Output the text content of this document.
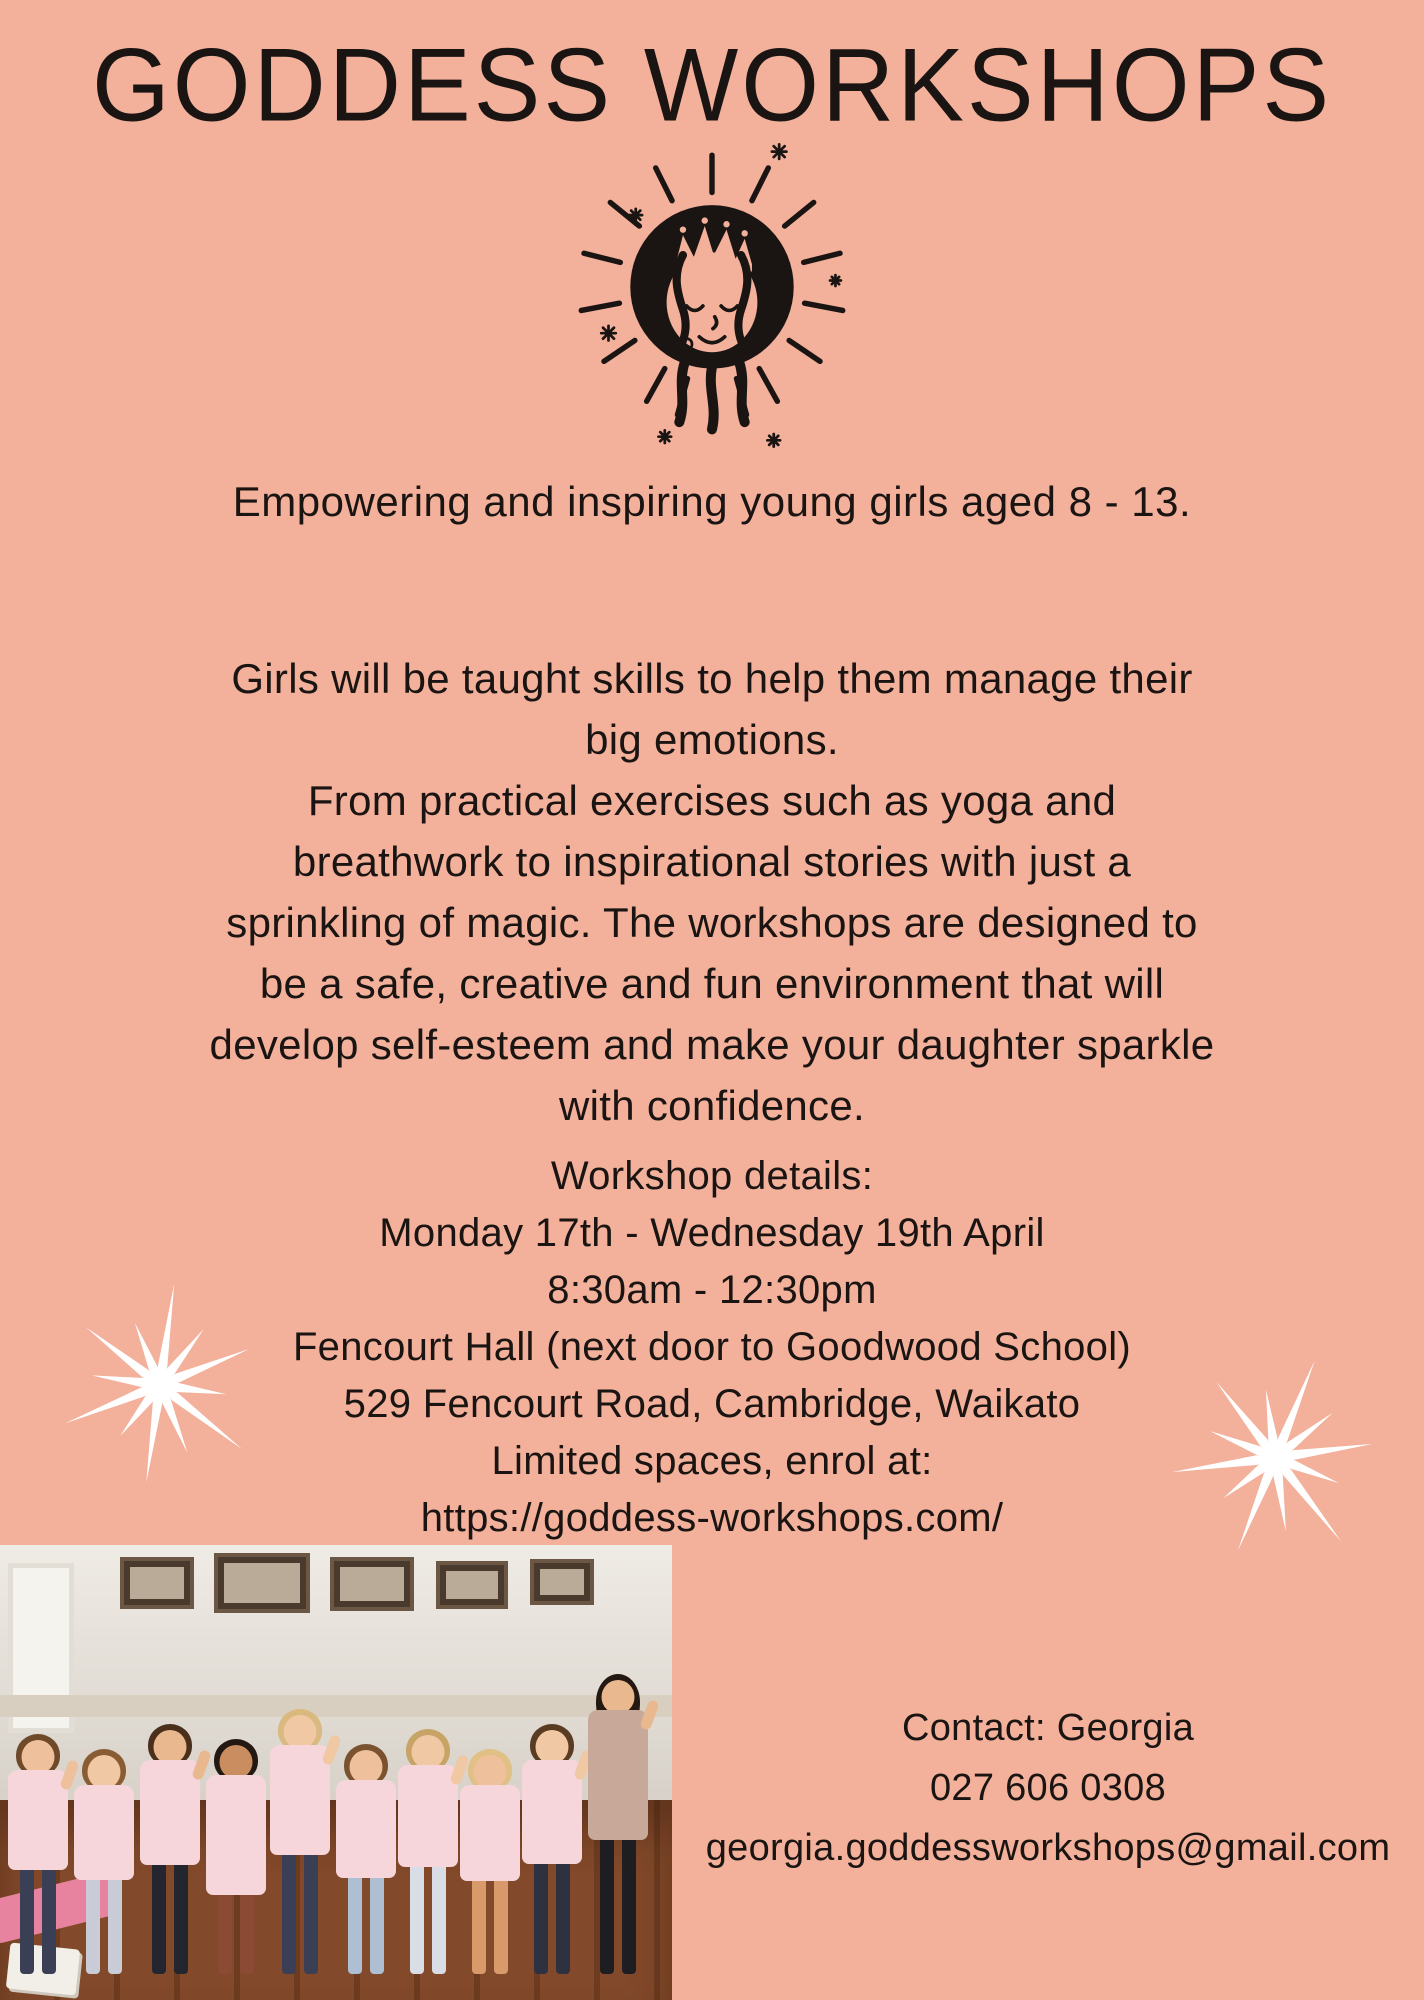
GODDESS WORKSHOPS

Empowering and inspiring young girls aged 8 - 13.

Girls will be taught skills to help them manage their
big emotions.
From practical exercises such as yoga and
breathwork to inspirational stories with just a
sprinkling of magic. The workshops are designed to
be a safe, creative and fun environment that will
develop self-esteem and make your daughter sparkle
with confidence.
Workshop details:
Monday 17th - Wednesday 19th April
8:30am - 12:30pm
Fencourt Hall (next door to Goodwood School)
529 Fencourt Road, Cambridge, Waikato
Limited spaces, enrol at:
https://goddess-workshops.com/
Contact: Georgia
027 606 0308
georgia.goddessworkshops@gmail.com
